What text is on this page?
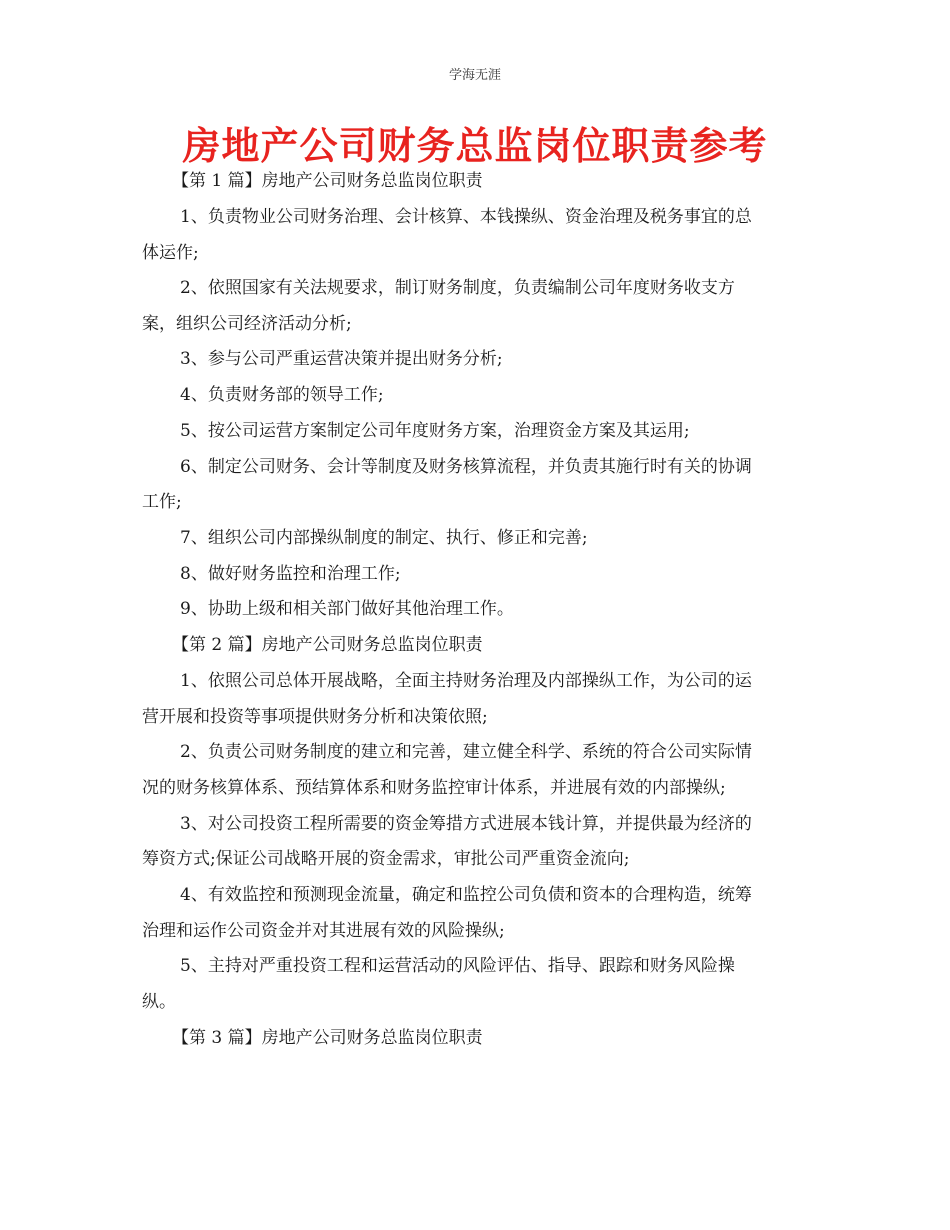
学海无涯
房地产公司财务总监岗位职责参考
【第 1 篇】房地产公司财务总监岗位职责
1、负责物业公司财务治理、会计核算、本钱操纵、资金治理及税务事宜的总
体运作;
2、依照国家有关法规要求，制订财务制度，负责编制公司年度财务收支方
案，组织公司经济活动分析;
3、参与公司严重运营决策并提出财务分析;
4、负责财务部的领导工作;
5、按公司运营方案制定公司年度财务方案，治理资金方案及其运用;
6、制定公司财务、会计等制度及财务核算流程，并负责其施行时有关的协调
工作;
7、组织公司内部操纵制度的制定、执行、修正和完善;
8、做好财务监控和治理工作;
9、协助上级和相关部门做好其他治理工作。
【第 2 篇】房地产公司财务总监岗位职责
1、依照公司总体开展战略，全面主持财务治理及内部操纵工作，为公司的运
营开展和投资等事项提供财务分析和决策依照;
2、负责公司财务制度的建立和完善，建立健全科学、系统的符合公司实际情
况的财务核算体系、预结算体系和财务监控审计体系，并进展有效的内部操纵;
3、对公司投资工程所需要的资金筹措方式进展本钱计算，并提供最为经济的
筹资方式;保证公司战略开展的资金需求，审批公司严重资金流向;
4、有效监控和预测现金流量，确定和监控公司负债和资本的合理构造，统筹
治理和运作公司资金并对其进展有效的风险操纵;
5、主持对严重投资工程和运营活动的风险评估、指导、跟踪和财务风险操
纵。
【第 3 篇】房地产公司财务总监岗位职责
